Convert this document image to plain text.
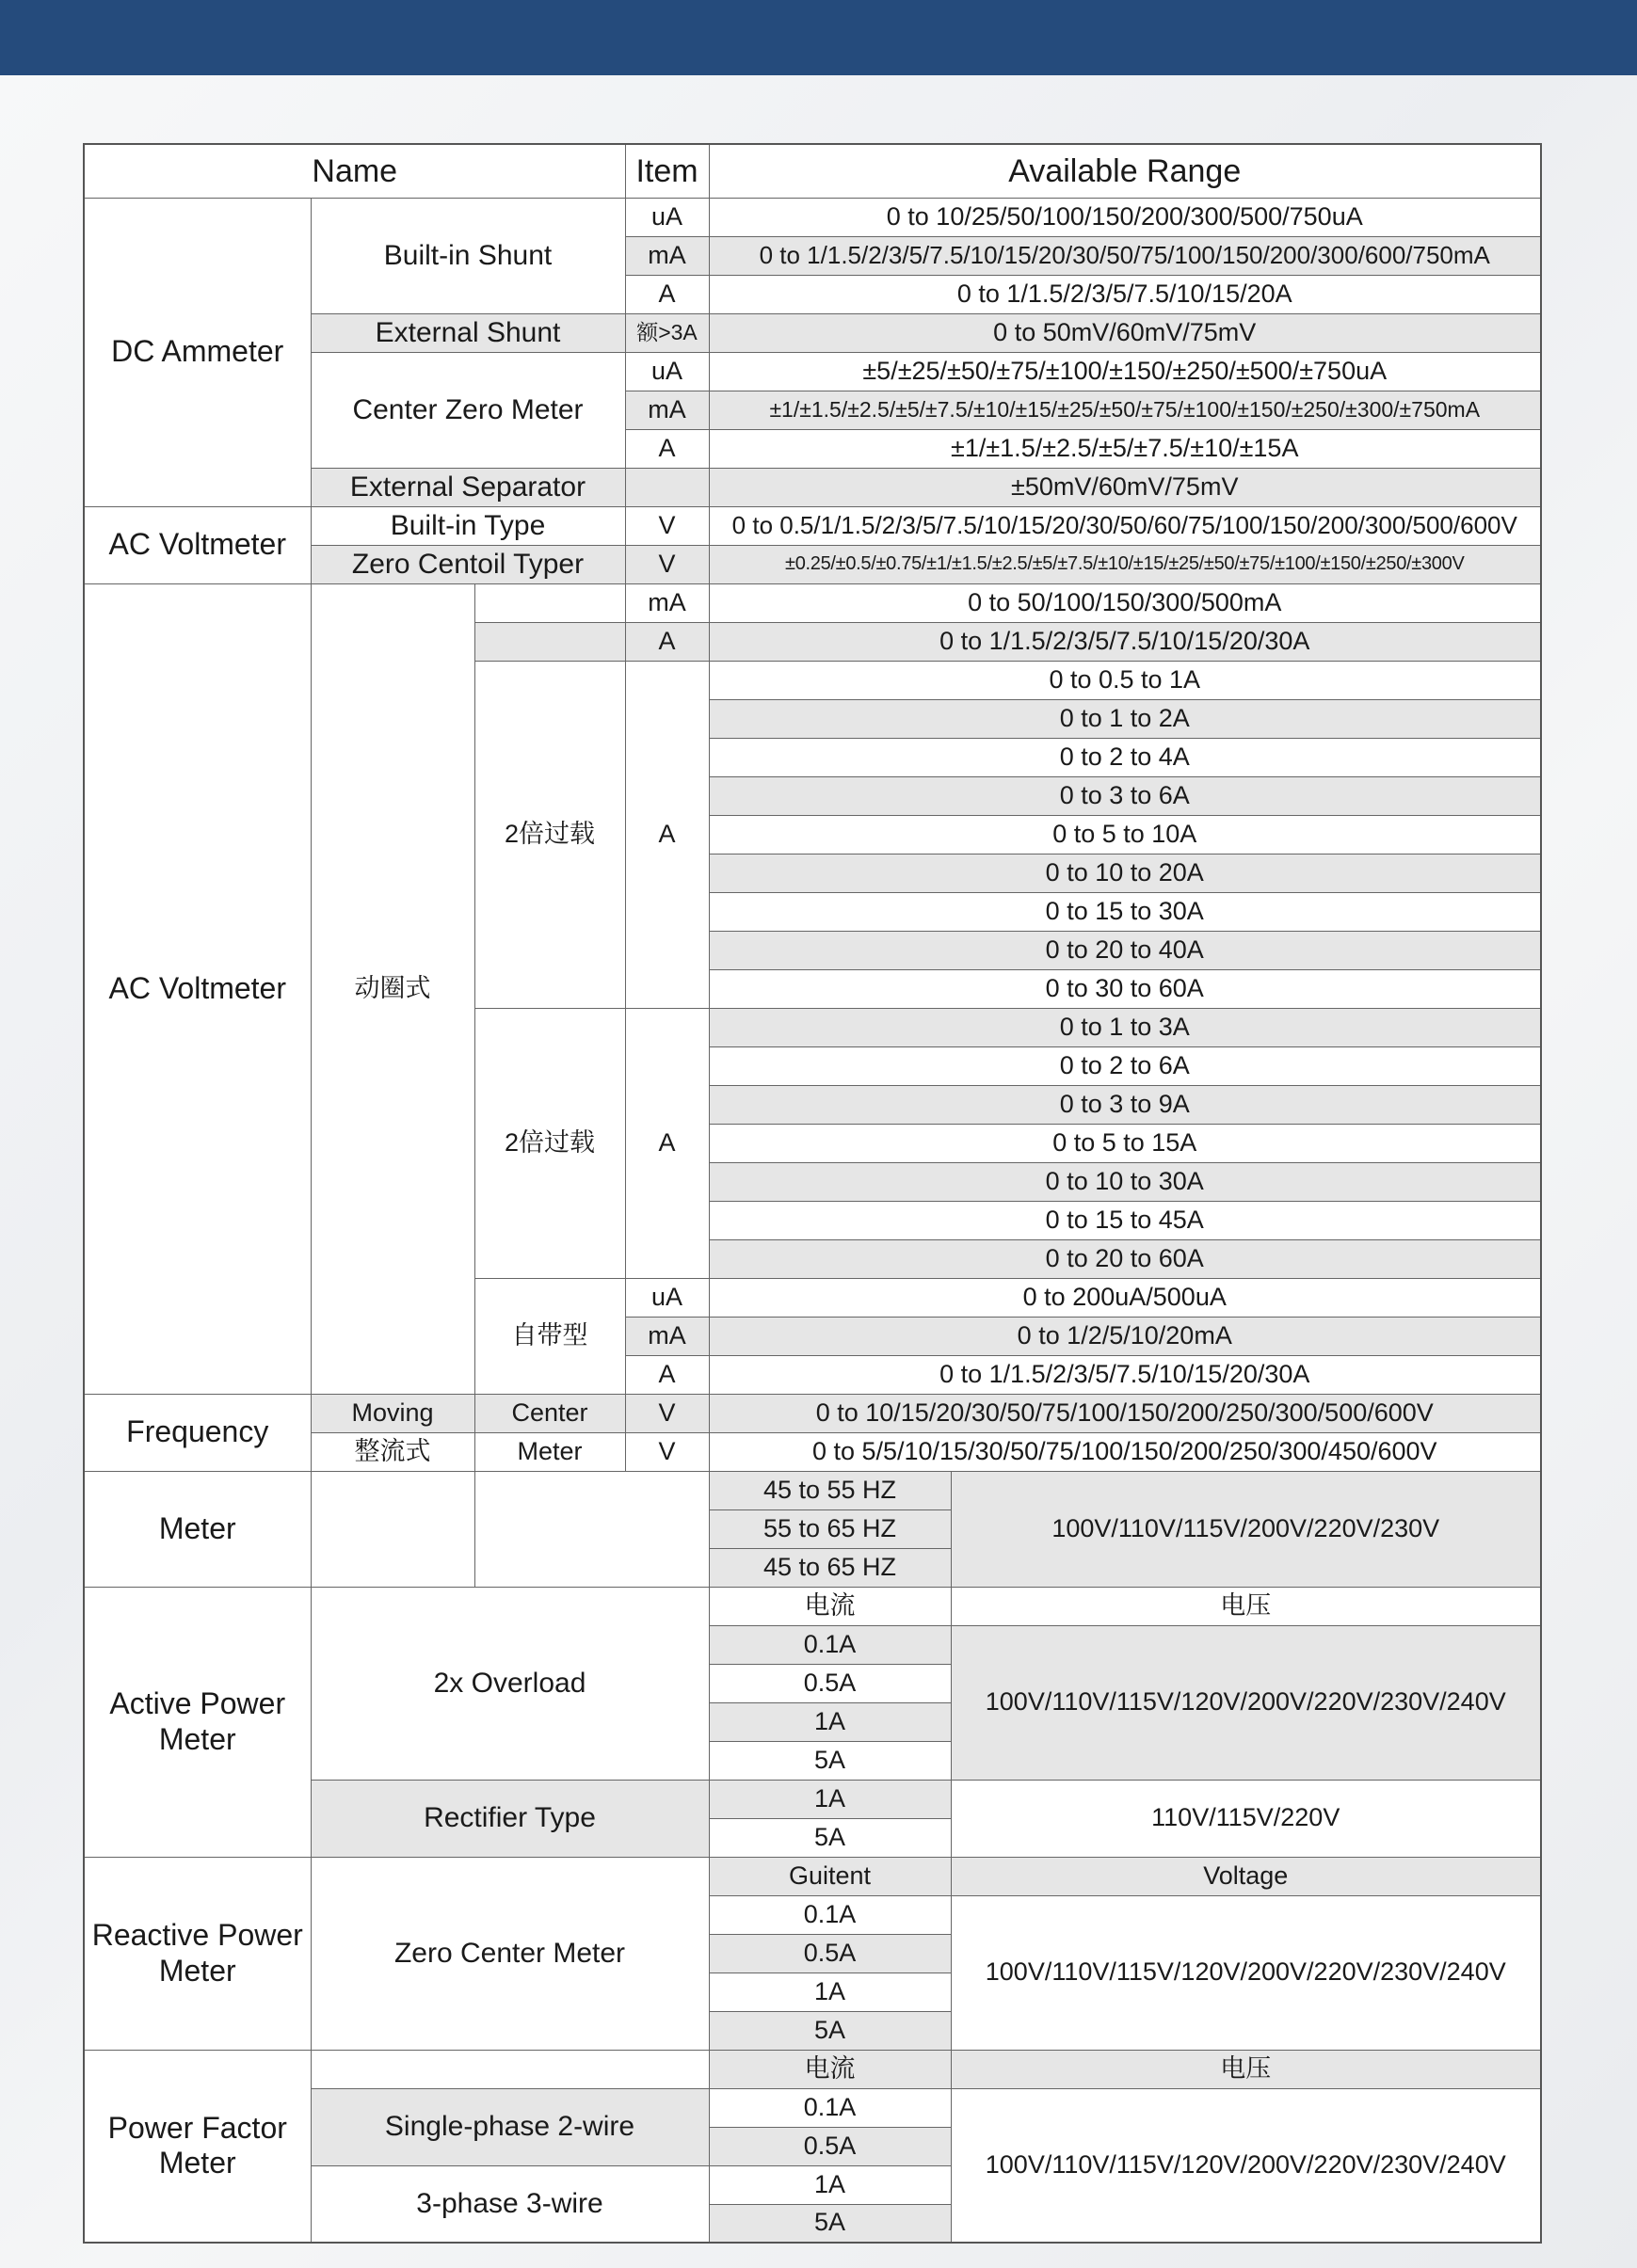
Name			Item	Available Range	
DC Ammeter	Built-in Shunt		uA	0 to 10/25/50/100/150/200/300/500/750uA	
			mA	0 to 1/1.5/2/3/5/7.5/10/15/20/30/50/75/100/150/200/300/600/750mA	
			A	0 to 1/1.5/2/3/5/7.5/10/15/20A	
	External Shunt		额>3A	0 to 50mV/60mV/75mV	
	Center Zero Meter		uA	±5/±25/±50/±75/±100/±150/±250/±500/±750uA	
			mA	±1/±1.5/±2.5/±5/±7.5/±10/±15/±25/±50/±75/±100/±150/±250/±300/±750mA	
			A	±1/±1.5/±2.5/±5/±7.5/±10/±15A	
	External Separator			±50mV/60mV/75mV	
AC Voltmeter	Built-in Type		V	0 to 0.5/1/1.5/2/3/5/7.5/10/15/20/30/50/60/75/100/150/200/300/500/600V	
	Zero Centoil Typer		V	±0.25/±0.5/±0.75/±1/±1.5/±2.5/±5/±7.5/±10/±15/±25/±50/±75/±100/±150/±250/±300V	
AC Voltmeter	动圈式		mA	0 to 50/100/150/300/500mA	
			A	0 to 1/1.5/2/3/5/7.5/10/15/20/30A	
		2倍过载	A	0 to 0.5 to 1A	
				0 to 1 to 2A	
				0 to 2 to 4A	
				0 to 3 to 6A	
				0 to 5 to 10A	
				0 to 10 to 20A	
				0 to 15 to 30A	
				0 to 20 to 40A	
				0 to 30 to 60A	
		2倍过载	A	0 to 1 to 3A	
				0 to 2 to 6A	
				0 to 3 to 9A	
				0 to 5 to 15A	
				0 to 10 to 30A	
				0 to 15 to 45A	
				0 to 20 to 60A	
		自带型	uA	0 to 200uA/500uA	
			mA	0 to 1/2/5/10/20mA	
			A	0 to 1/1.5/2/3/5/7.5/10/15/20/30A	
Frequency	Moving	Center	V	0 to 10/15/20/30/50/75/100/150/200/250/300/500/600V	
	整流式	Meter	V	0 to 5/5/10/15/30/50/75/100/150/200/250/300/450/600V	
Meter				45 to 55 HZ	100V/110V/115V/200V/220V/230V
				55 to 65 HZ	
				45 to 65 HZ	
Active Power Meter	2x Overload			电流	电压
				0.1A	100V/110V/115V/120V/200V/220V/230V/240V
				0.5A	
				1A	
				5A	
	Rectifier Type			1A	110V/115V/220V
				5A	
Reactive Power Meter	Zero Center Meter			Guitent	Voltage
				0.1A	100V/110V/115V/120V/200V/220V/230V/240V
				0.5A	
				1A	
				5A	
Power Factor Meter				电流	电压
	Single-phase 2-wire			0.1A	100V/110V/115V/120V/200V/220V/230V/240V
				0.5A	
	3-phase 3-wire			1A	
				5A	
